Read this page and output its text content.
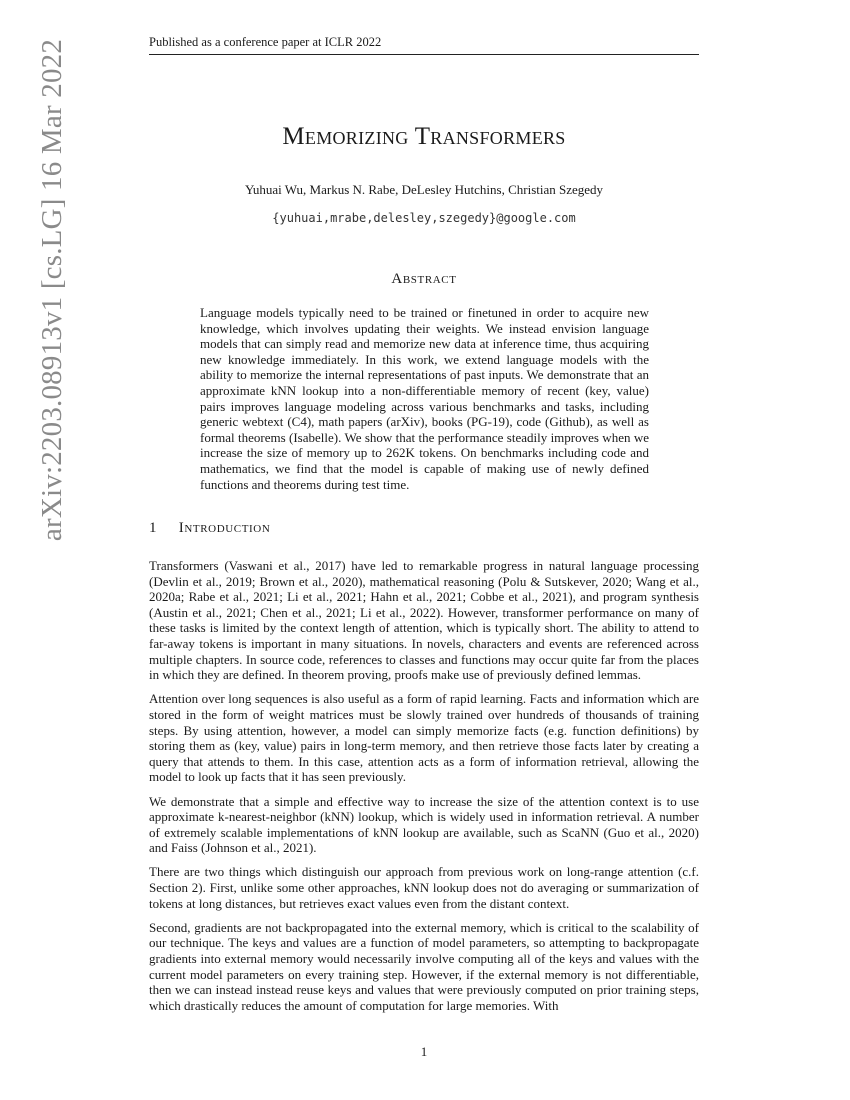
Published as a conference paper at ICLR 2022
arXiv:2203.08913v1 [cs.LG] 16 Mar 2022	Memorizing Transformers
Yuhuai Wu, Markus N. Rabe, DeLesley Hutchins, Christian Szegedy
{yuhuai,mrabe,delesley,szegedy}@google.com
Abstract
Language models typically need to be trained or finetuned in order to acquire new knowledge, which involves updating their weights. We instead envision language models that can simply read and memorize new data at inference time, thus acquiring new knowledge immediately. In this work, we extend language models with the ability to memorize the internal representations of past inputs. We demonstrate that an approximate kNN lookup into a non-differentiable memory of recent (key, value) pairs improves language modeling across various benchmarks and tasks, including generic webtext (C4), math papers (arXiv), books (PG-19), code (Github), as well as formal theorems (Isabelle). We show that the performance steadily improves when we increase the size of memory up to 262K tokens. On benchmarks including code and mathematics, we find that the model is capable of making use of newly defined functions and theorems during test time.
1 Introduction

Transformers (Vaswani et al., 2017) have led to remarkable progress in natural language processing (Devlin et al., 2019; Brown et al., 2020), mathematical reasoning (Polu & Sutskever, 2020; Wang et al., 2020a; Rabe et al., 2021; Li et al., 2021; Hahn et al., 2021; Cobbe et al., 2021), and program synthesis (Austin et al., 2021; Chen et al., 2021; Li et al., 2022). However, transformer performance on many of these tasks is limited by the context length of attention, which is typically short. The ability to attend to far-away tokens is important in many situations. In novels, characters and events are referenced across multiple chapters. In source code, references to classes and functions may occur quite far from the places in which they are defined. In theorem proving, proofs make use of previously defined lemmas.

Attention over long sequences is also useful as a form of rapid learning. Facts and information which are stored in the form of weight matrices must be slowly trained over hundreds of thousands of training steps. By using attention, however, a model can simply memorize facts (e.g. function definitions) by storing them as (key, value) pairs in long-term memory, and then retrieve those facts later by creating a query that attends to them. In this case, attention acts as a form of information retrieval, allowing the model to look up facts that it has seen previously.

We demonstrate that a simple and effective way to increase the size of the attention context is to use approximate k-nearest-neighbor (kNN) lookup, which is widely used in information retrieval. A number of extremely scalable implementations of kNN lookup are available, such as ScaNN (Guo et al., 2020) and Faiss (Johnson et al., 2021).

There are two things which distinguish our approach from previous work on long-range attention (c.f. Section 2). First, unlike some other approaches, kNN lookup does not do averaging or summarization of tokens at long distances, but retrieves exact values even from the distant context.

Second, gradients are not backpropagated into the external memory, which is critical to the scalability of our technique. The keys and values are a function of model parameters, so attempting to backpropagate gradients into external memory would necessarily involve computing all of the keys and values with the current model parameters on every training step. However, if the external memory is not differentiable, then we can instead instead reuse keys and values that were previously computed on prior training steps, which drastically reduces the amount of computation for large memories. With

1
